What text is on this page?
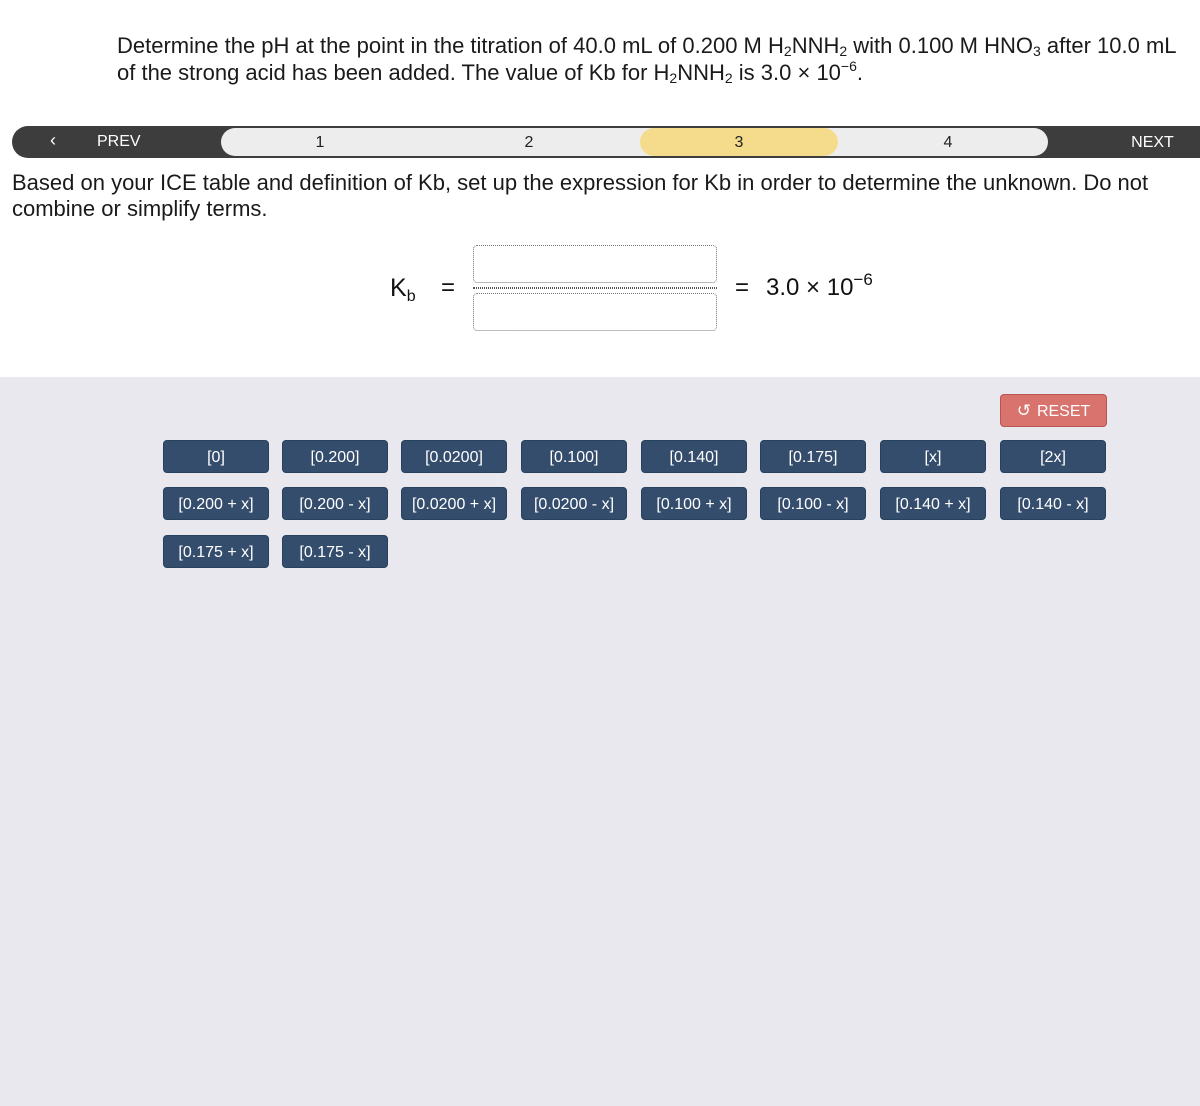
Determine the pH at the point in the titration of 40.0 mL of 0.200 M $H_2NNH_2$ with 0.100 M $HNO_3$ after 10.0 mL of the strong acid has been added. The value of Kb for $H_2NNH_2$ is $3.0 \times 10^{-6}$.
‹	PREV	1	2	3	4	NEXT
Based on your ICE table and definition of Kb, set up the expression for Kb in order to determine the unknown. Do not combine or simplify terms.
$K_b$ =	= $3.0 \times 10^{-6}$
↺ RESET
[0]	[0.200]	[0.0200]	[0.100]	[0.140]	[0.175]	[x]	[2x]
[0.200 + x]	[0.200 - x]	[0.0200 + x]	[0.0200 - x]	[0.100 + x]	[0.100 - x]	[0.140 + x]	[0.140 - x]
[0.175 + x]	[0.175 - x]
